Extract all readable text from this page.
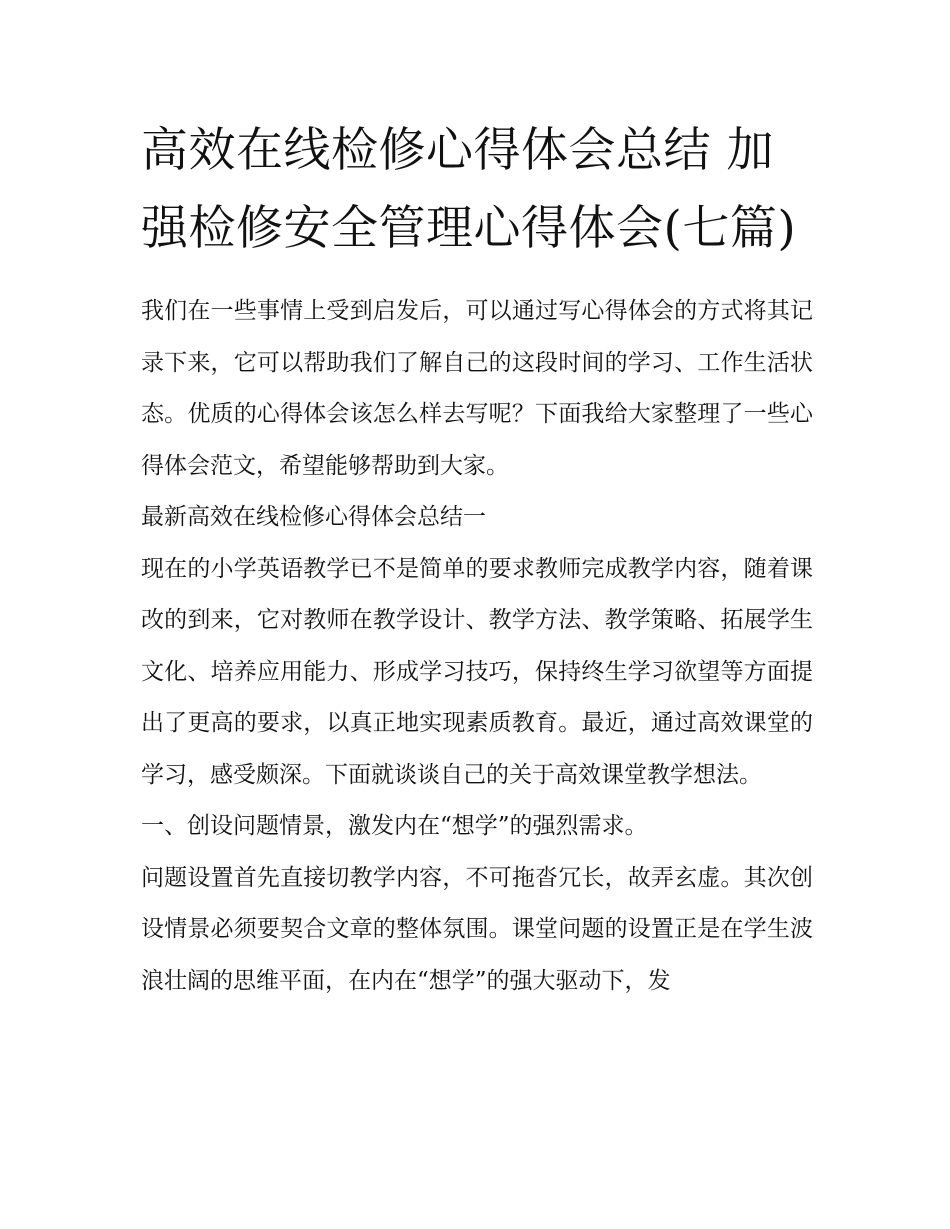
高效在线检修心得体会总结 加强检修安全管理心得体会(七篇)

我们在一些事情上受到启发后，可以通过写心得体会的方式将其记录下来，它可以帮助我们了解自己的这段时间的学习、工作生活状态。优质的心得体会该怎么样去写呢？下面我给大家整理了一些心得体会范文，希望能够帮助到大家。

最新高效在线检修心得体会总结一

现在的小学英语教学已不是简单的要求教师完成教学内容，随着课改的到来，它对教师在教学设计、教学方法、教学策略、拓展学生文化、培养应用能力、形成学习技巧，保持终生学习欲望等方面提出了更高的要求，以真正地实现素质教育。最近，通过高效课堂的学习，感受颇深。下面就谈谈自己的关于高效课堂教学想法。

一、创设问题情景，激发内在“想学”的强烈需求。

问题设置首先直接切教学内容，不可拖沓冗长，故弄玄虚。其次创设情景必须要契合文章的整体氛围。课堂问题的设置正是在学生波浪壮阔的思维平面，在内在“想学”的强大驱动下，发
